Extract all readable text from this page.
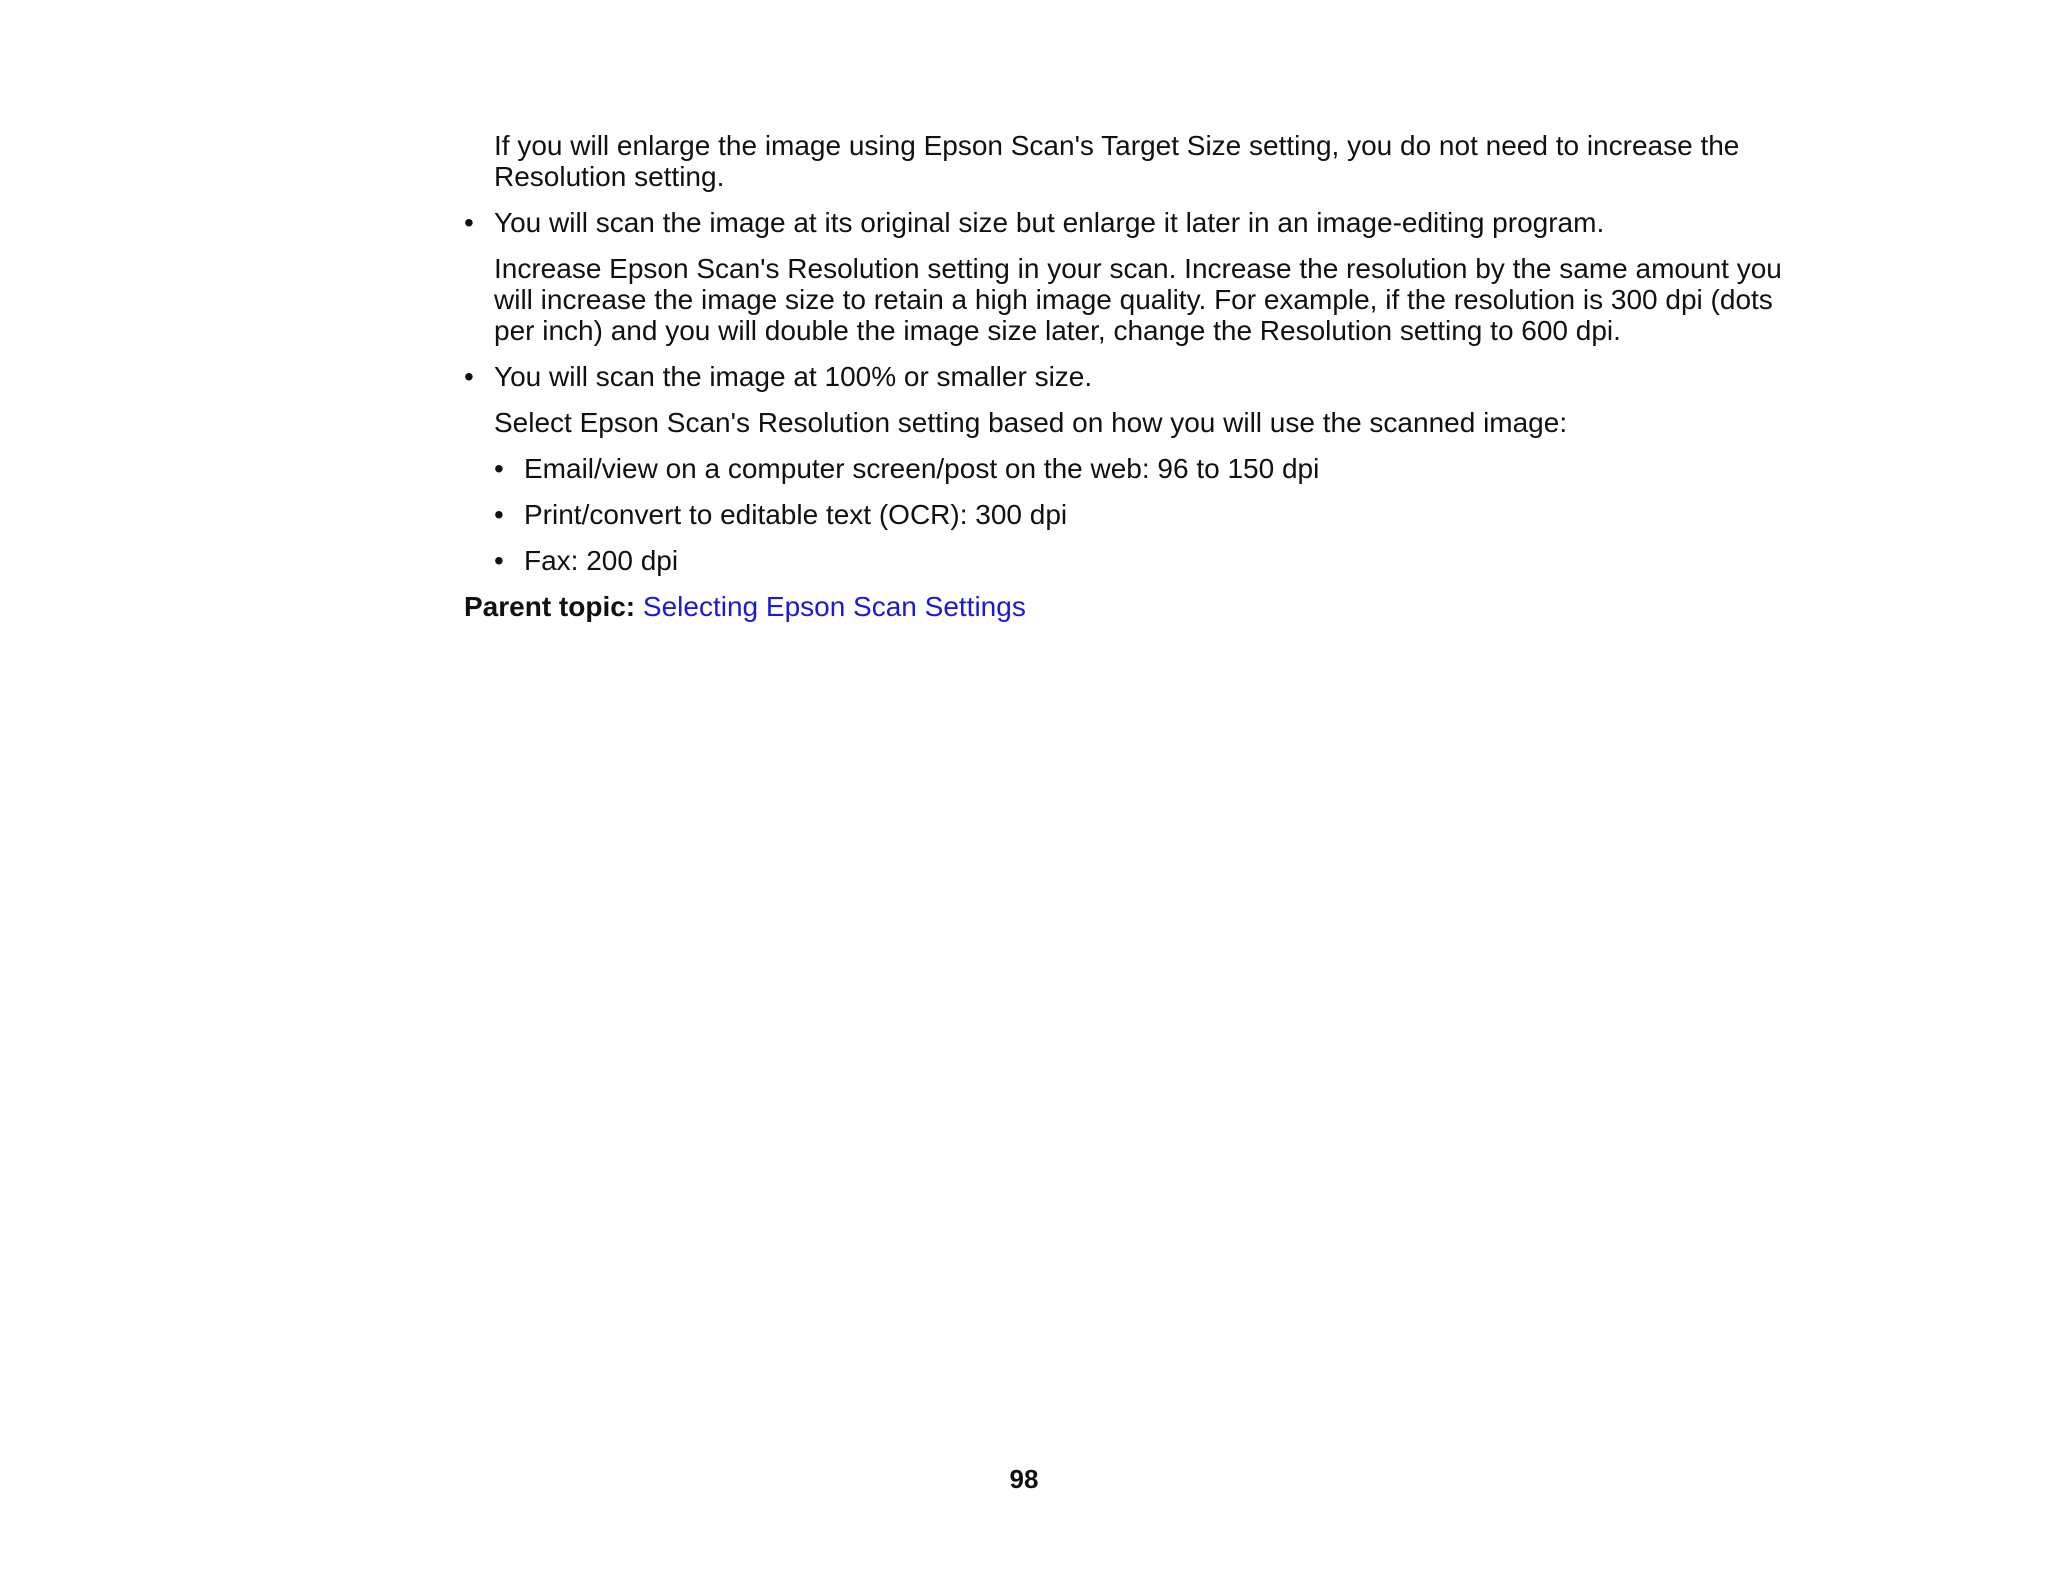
If you will enlarge the image using Epson Scan's Target Size setting, you do not need to increase the Resolution setting.

• You will scan the image at its original size but enlarge it later in an image-editing program.

Increase Epson Scan's Resolution setting in your scan. Increase the resolution by the same amount you will increase the image size to retain a high image quality. For example, if the resolution is 300 dpi (dots per inch) and you will double the image size later, change the Resolution setting to 600 dpi.

• You will scan the image at 100% or smaller size.

Select Epson Scan's Resolution setting based on how you will use the scanned image:

• Email/view on a computer screen/post on the web: 96 to 150 dpi
• Print/convert to editable text (OCR): 300 dpi
• Fax: 200 dpi

Parent topic: Selecting Epson Scan Settings

98
